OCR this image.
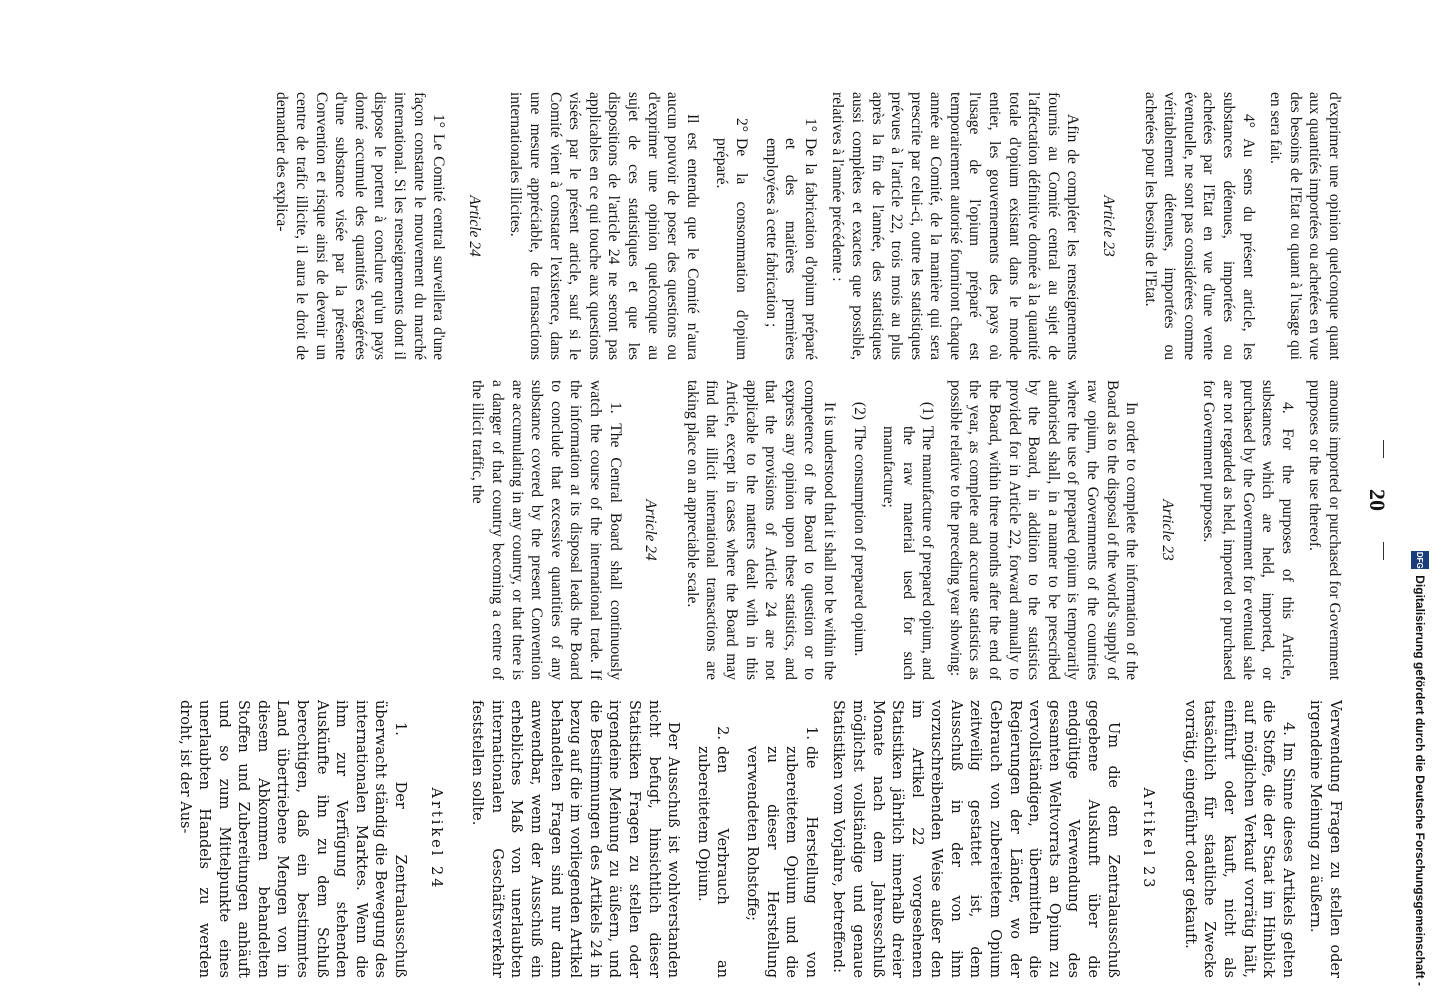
DFG
Digitalisierung gefördert durch die Deutsche Forschungsgemeinschaft -
20

d'exprimer une opinion quelconque quant aux quantités importées ou achetées en vue des besoins de l'Etat ou quant à l'usage qui en sera fait.

4° Au sens du présent article, les substances détenues, importées ou achetées par l'Etat en vue d'une vente éventuelle, ne sont pas considérées comme véritablement détenues, importées ou achetées pour les besoins de l'Etat.

Article 23

Afin de compléter les renseignements fournis au Comité central au sujet de l'affectation définitive donnée à la quantité totale d'opium existant dans le monde entier, les gouvernements des pays où l'usage de l'opium préparé est temporairement autorisé fourniront chaque année au Comité, de la manière qui sera prescrite par celui-ci, outre les statistiques prévues à l'article 22, trois mois au plus après la fin de l'année, des statistiques aussi complètes et exactes que possible, relatives à l'année précédente :

1°
De la fabrication d'opium préparé et des matières premières employées à cette fabrication ;
2°
De la consommation d'opium préparé.

Il est entendu que le Comité n'aura aucun pouvoir de poser des questions ou d'exprimer une opinion quelconque au sujet de ces statistiques et que les dispositions de l'article 24 ne seront pas applicables en ce qui touche aux questions visées par le présent article, sauf si le Comité vient à constater l'existence, dans une mesure appréciable, de transactions internationales illicites.

Article 24

1° Le Comité central surveillera d'une façon constante le mouvement du marché international. Si les renseignements dont il dispose le portent à conclure qu'un pays donné accumule des quantités exagérées d'une substance visée par la présente Convention et risque ainsi de devenir un centre de trafic illicite, il aura le droit de demander des explica-

amounts imported or purchased for Government purposes or the use thereof.

4. For the purposes of this Article, substances which are held, imported, or purchased by the Government for eventual sale are not regarded as held, imported or purchased for Government purposes.

Article 23

In order to complete the information of the Board as to the disposal of the world's supply of raw opium, the Governments of the countries where the use of prepared opium is temporarily authorised shall, in a manner to be prescribed by the Board, in addition to the statistics provided for in Article 22, forward annually to the Board, within three months after the end of the year, as complete and accurate statistics as possible relative to the preceding year showing:

(1)
The manufacture of prepared opium, and the raw material used for such manufacture;
(2)
The consumption of prepared opium.

It is understood that it shall not be within the competence of the Board to question or to express any opinion upon these statistics, and that the provisions of Article 24 are not applicable to the matters dealt with in this Article, except in cases where the Board may find that illicit international transactions are taking place on an appreciable scale.

Article 24

1. The Central Board shall continuously watch the course of the international trade. If the information at its disposal leads the Board to conclude that excessive quantities of any substance covered by the present Convention are accumulating in any country, or that there is a danger of that country becoming a centre of the illicit traffic, the

Verwendung Fragen zu stellen oder irgendeine Meinung zu äußern.

4. Im Sinne dieses Artikels gelten die Stoffe, die der Staat im Hinblick auf möglichen Verkauf vorrätig hält, einführt oder kauft, nicht als tatsächlich für staatliche Zwecke vorrätig, eingeführt oder gekauft.

Artikel 23

Um die dem Zentralausschuß gegebene Auskunft über die endgültige Verwendung des gesamten Weltvorrats an Opium zu vervollständigen, übermitteln die Regierungen der Länder, wo der Gebrauch von zubereitetem Opium zeitweilig gestattet ist, dem Ausschuß in der von ihm vorzuschreibenden Weise außer den im Artikel 22 vorgesehenen Statistiken jährlich innerhalb dreier Monate nach dem Jahresschluß möglichst vollständige und genaue Statistiken vom Vorjahre, betreffend:

1.
die Herstellung von zubereitetem Opium und die zu dieser Herstellung verwendeten Rohstoffe;
2.
den Verbrauch an zubereitetem Opium.

Der Ausschuß ist wohlverstanden nicht befugt, hinsichtlich dieser Statistiken Fragen zu stellen oder irgendeine Meinung zu äußern, und die Bestimmungen des Artikels 24 in bezug auf die im vorliegenden Artikel behandelten Fragen sind nur dann anwendbar, wenn der Ausschuß ein erhebliches Maß von unerlaubten internationalen Geschäftsverkehr feststellen sollte.

Artikel 24

1. Der Zentralausschuß überwacht ständig die Bewegung des internationalen Marktes. Wenn die ihm zur Verfügung stehenden Auskünfte ihn zu dem Schluß berechtigen, daß ein bestimmtes Land übertriebene Mengen von in diesem Abkommen behandelten Stoffen und Zubereitungen anhäuft und so zum Mittelpunkte eines unerlaubten Handels zu werden droht, ist der Aus-
